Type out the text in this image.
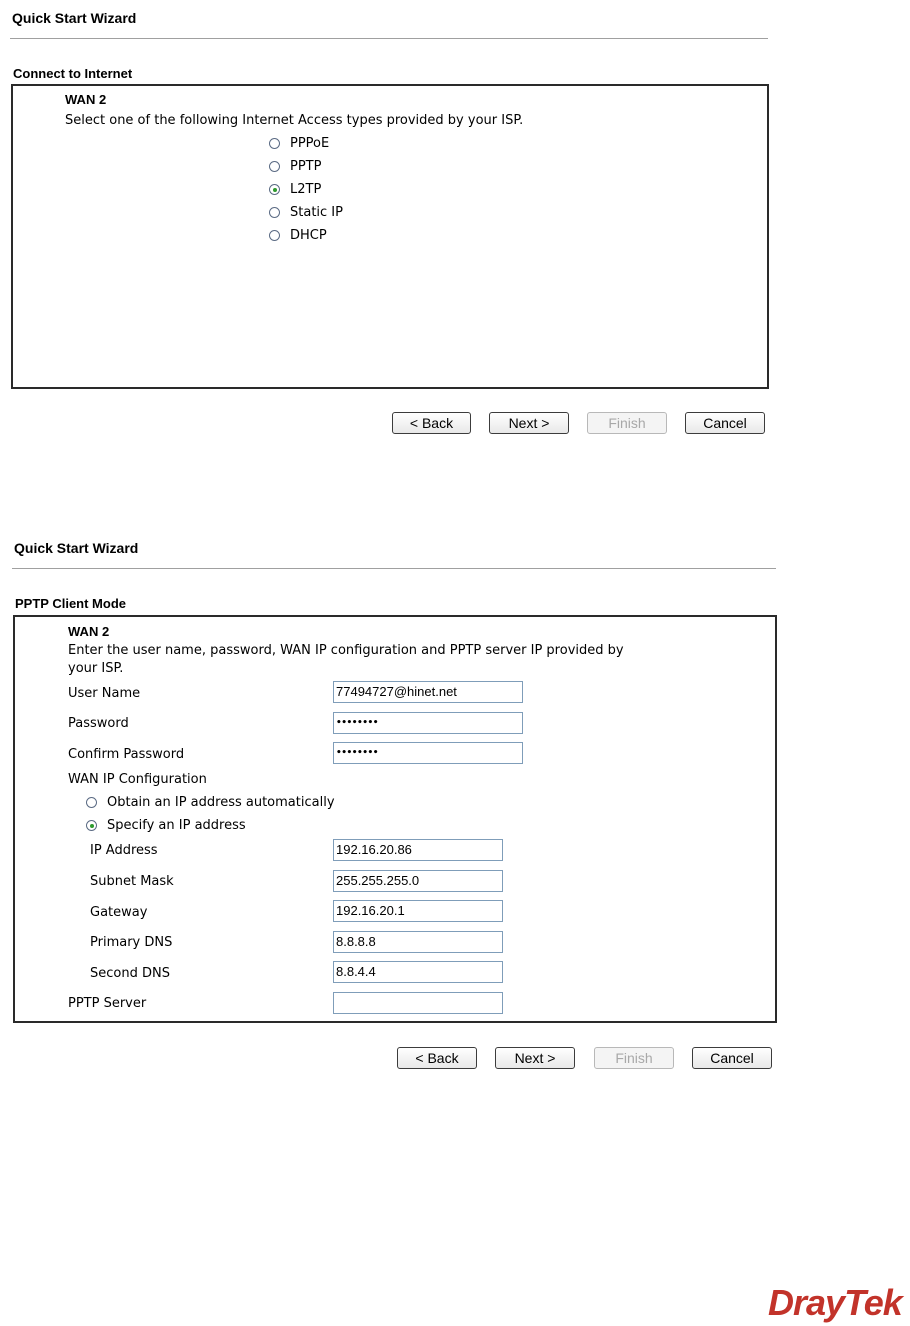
Quick Start Wizard
Connect to Internet
WAN 2
Select one of the following Internet Access types provided by your ISP.
PPPoE
PPTP
L2TP
Static IP
DHCP
< Back	Next >	Finish	Cancel
Quick Start Wizard
PPTP Client Mode
WAN 2
Enter the user name, password, WAN IP configuration and PPTP server IP provided by
your ISP.
User Name	77494727@hinet.net
Password	••••••••
Confirm Password	••••••••
WAN IP Configuration
Obtain an IP address automatically
Specify an IP address
IP Address	192.16.20.86
Subnet Mask	255.255.255.0
Gateway	192.16.20.1
Primary DNS	8.8.8.8
Second DNS	8.8.4.4
PPTP Server
< Back	Next >	Finish	Cancel
DrayTek
